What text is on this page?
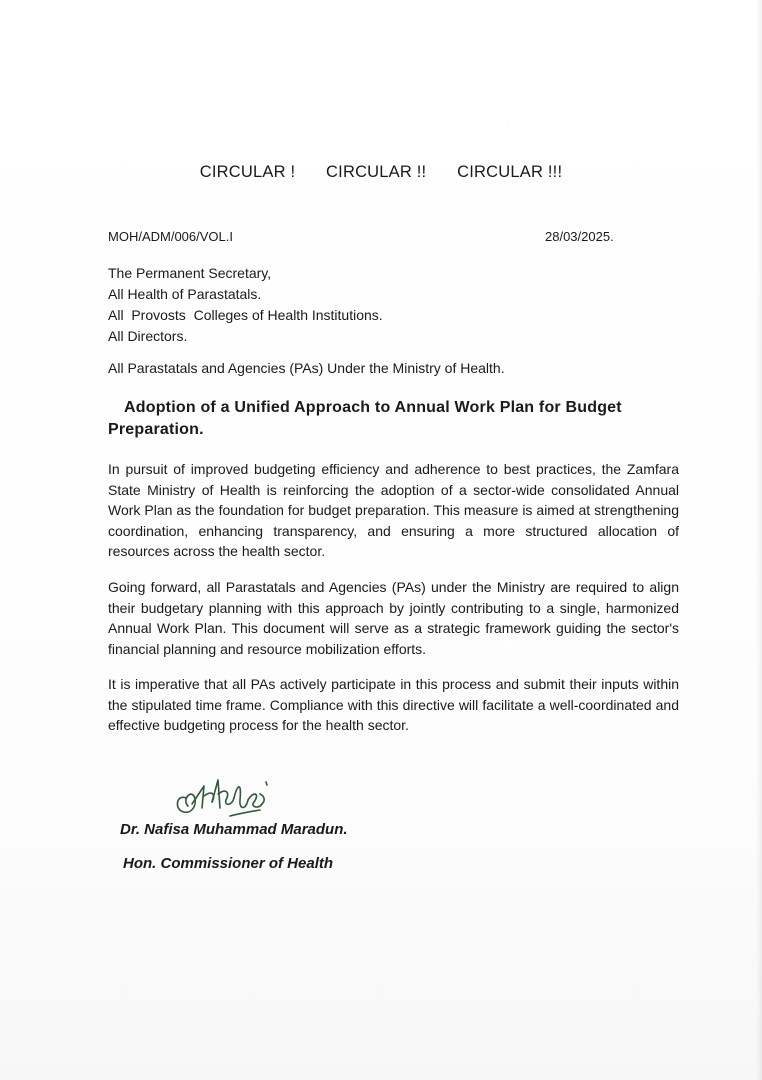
CIRCULAR ! CIRCULAR !! CIRCULAR !!!
MOH/ADM/006/VOL.I	28/03/2025.
The Permanent Secretary,
All Health of Parastatals.
All  Provosts  Colleges of Health Institutions.
All Directors.
All Parastatals and Agencies (PAs) Under the Ministry of Health.
Adoption of a Unified Approach to Annual Work Plan for Budget Preparation.
In pursuit of improved budgeting efficiency and adherence to best practices, the Zamfara State Ministry of Health is reinforcing the adoption of a sector-wide consolidated Annual Work Plan as the foundation for budget preparation. This measure is aimed at strengthening coordination, enhancing transparency, and ensuring a more structured allocation of resources across the health sector.
Going forward, all Parastatals and Agencies (PAs) under the Ministry are required to align their budgetary planning with this approach by jointly contributing to a single, harmonized Annual Work Plan. This document will serve as a strategic framework guiding the sector's financial planning and resource mobilization efforts.
It is imperative that all PAs actively participate in this process and submit their inputs within the stipulated time frame. Compliance with this directive will facilitate a well-coordinated and effective budgeting process for the health sector.
Dr. Nafisa Muhammad Maradun.
Hon. Commissioner of Health
